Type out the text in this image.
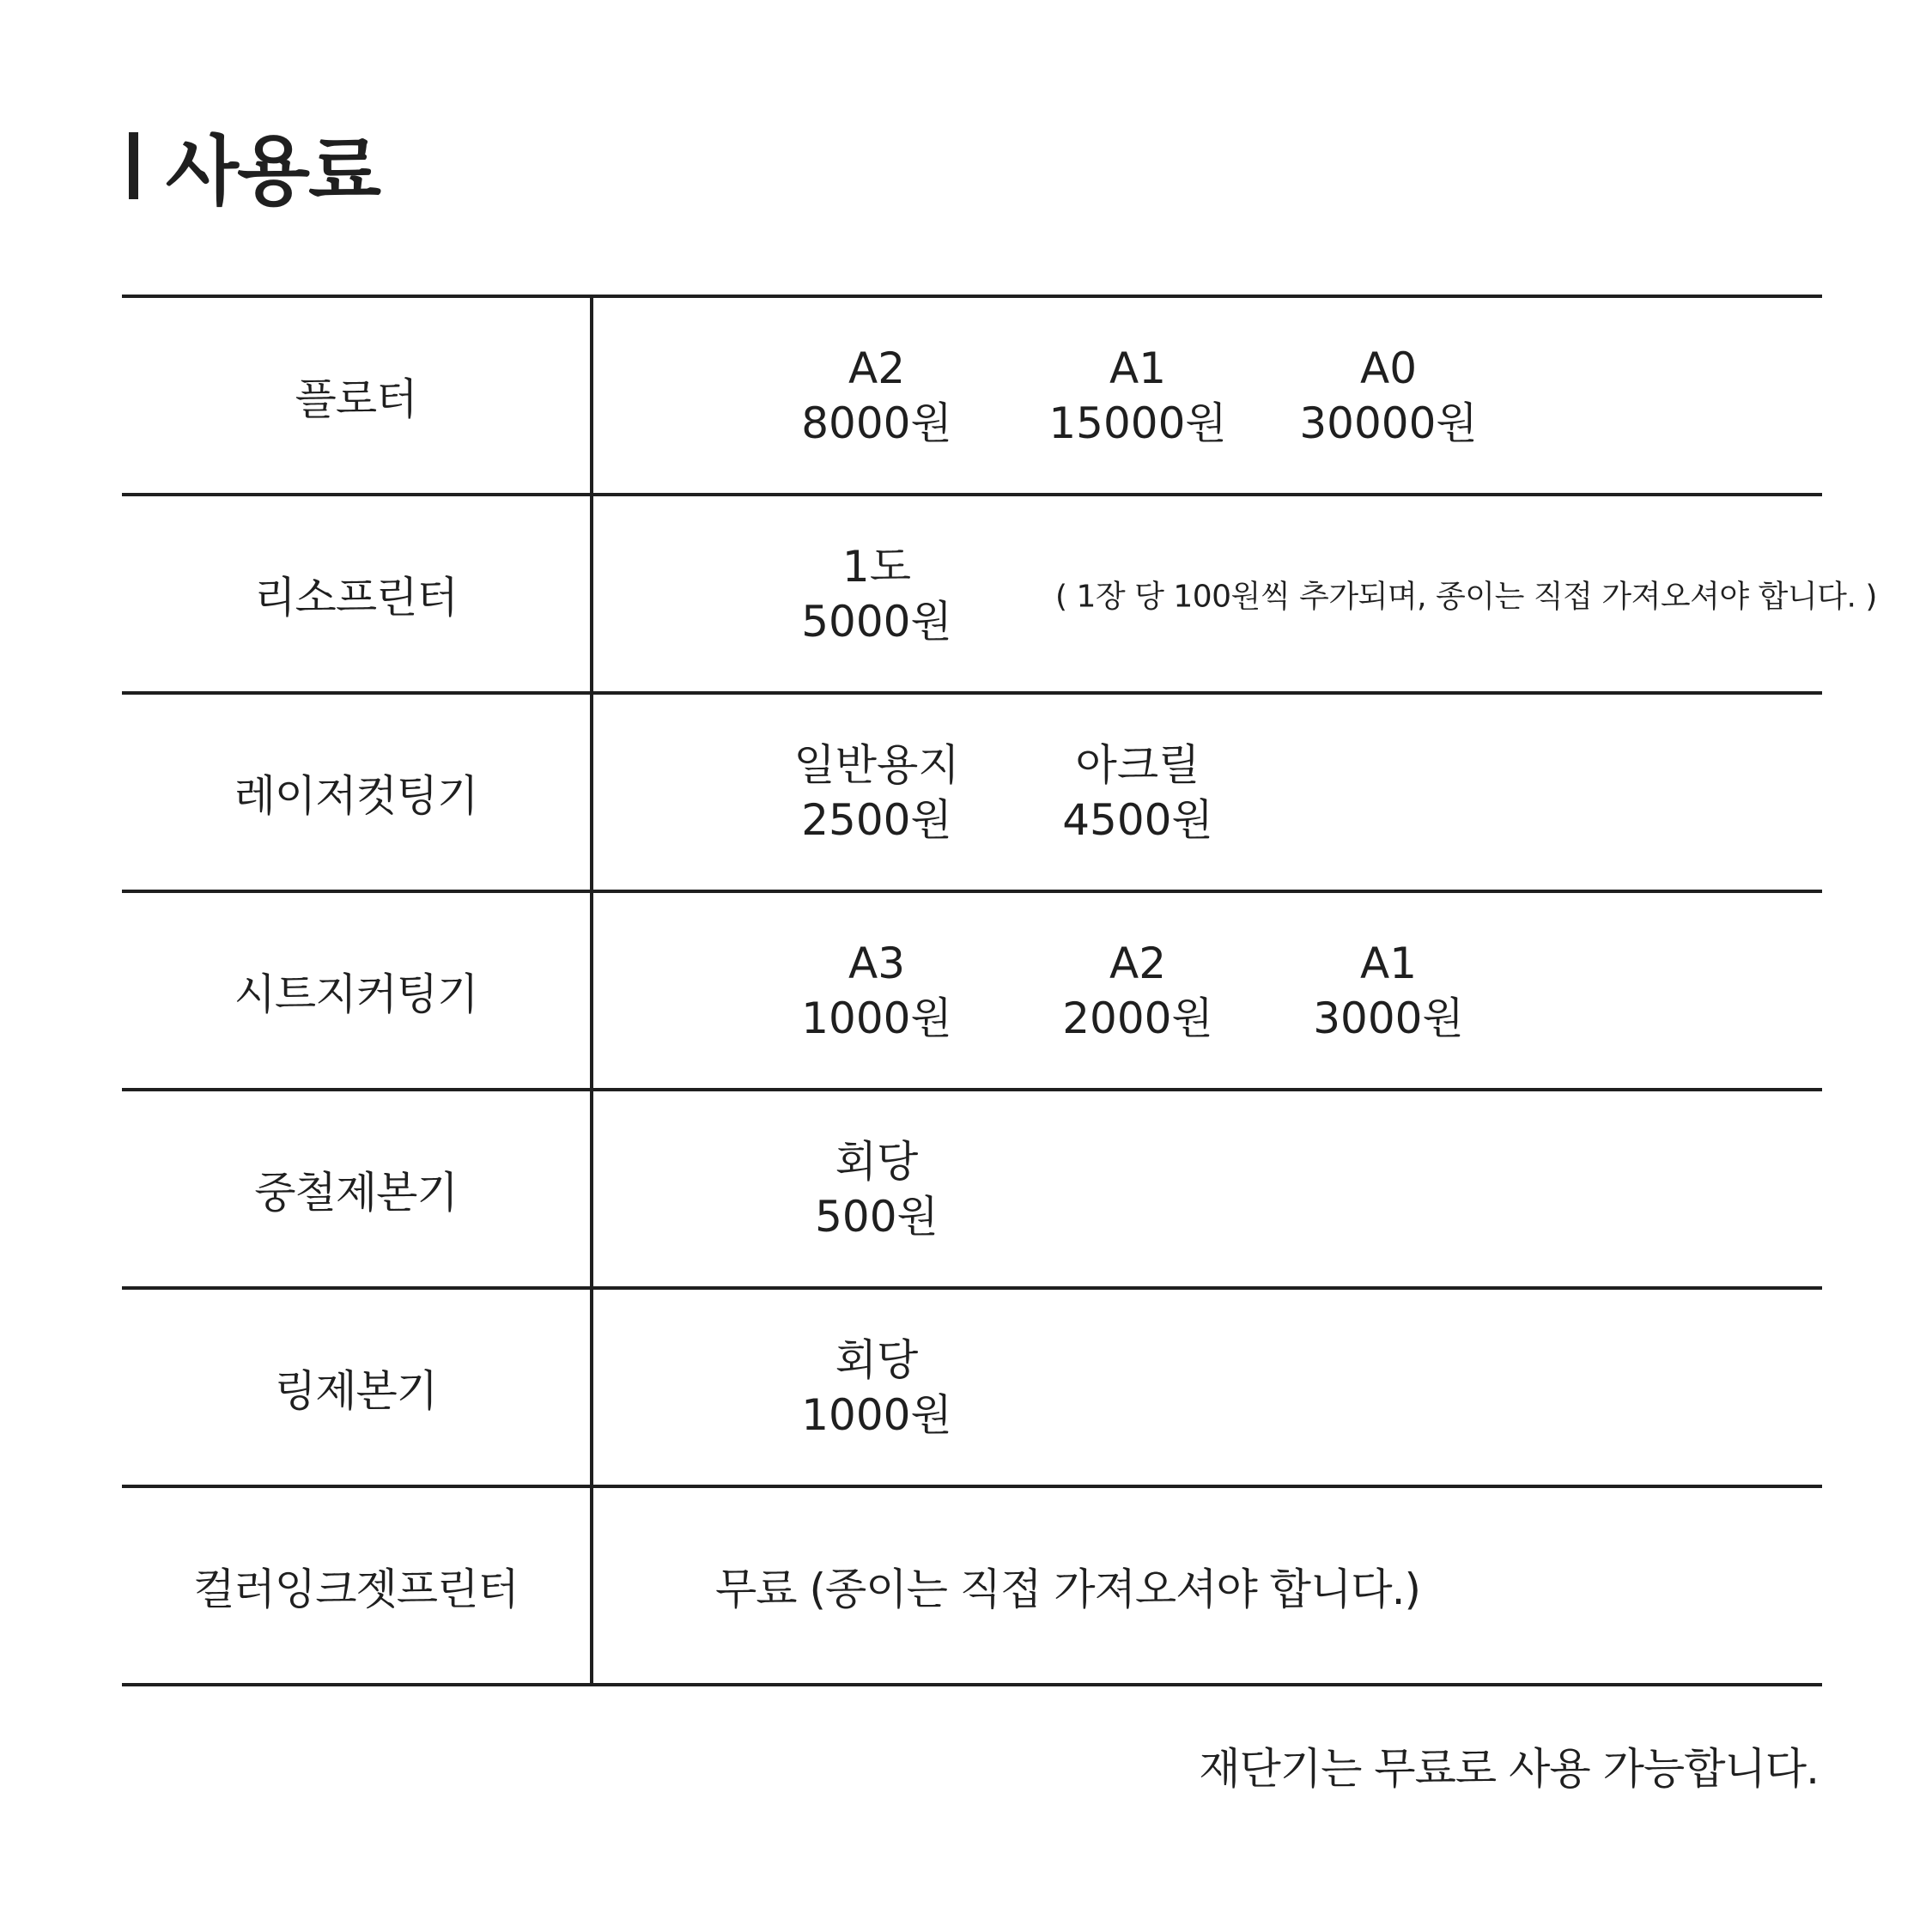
사용료
플로터
A2
8000원
A1
15000원
A0
30000원
리소프린터
1도
5000원	( 1장 당 100원씩 추가되며, 종이는 직접 가져오셔야 합니다. )
레이저컷팅기
일반용지
2500원
아크릴
4500원
시트지커팅기
A3
1000원
A2
2000원
A1
3000원
중철제본기
회당
500원
링제본기
회당
1000원
컬러잉크젯프린터	무료 (종이는 직접 가져오셔야 합니다.)
재단기는 무료로 사용 가능합니다.
